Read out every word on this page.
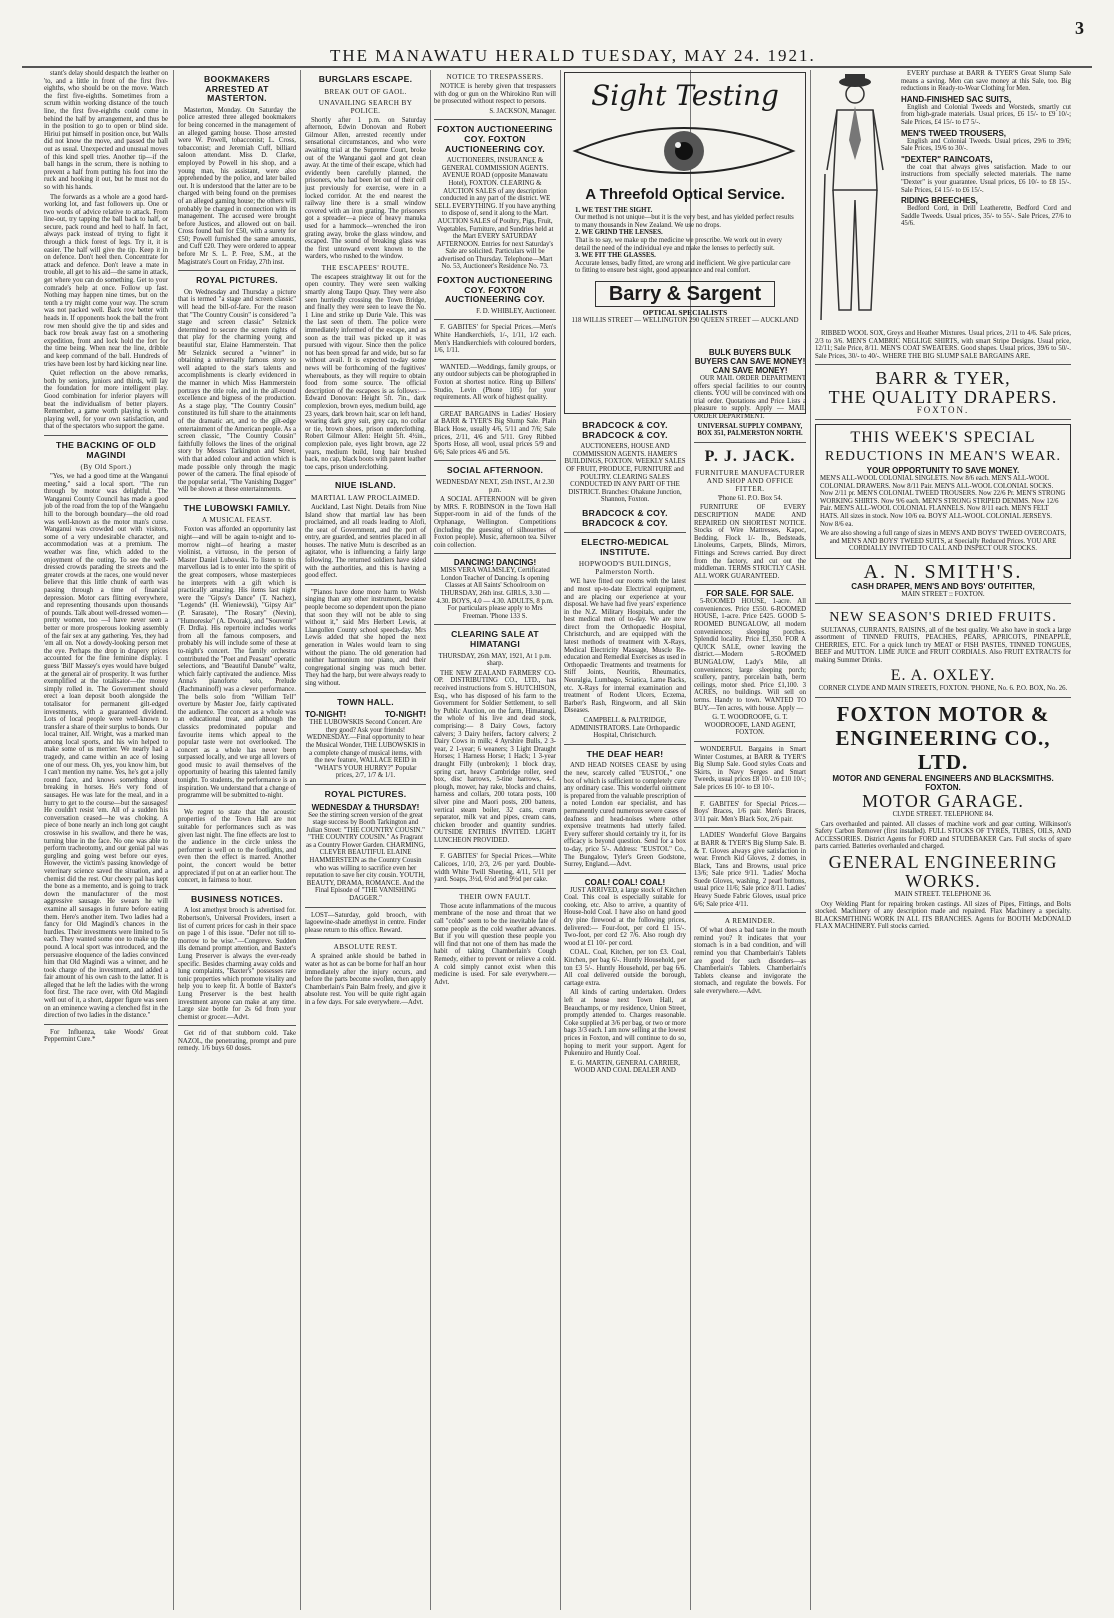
THE MANAWATU HERALD TUESDAY, MAY 24. 1921.
3

stant's delay should despatch the leather on 'to, and a little in front of the first five-eighths, who should be on the move. Watch the first five-eighths. Sometimes from a scrum within working distance of the touch line, the first five-eighths could come in behind the half by arrangement, and thus be in the position to go to open or blind side. Hiriui put himself in position once, but Walls did not know the move, and passed the ball out as usual. Unexpected and unusual moves of this kind spell tries. Another tip—if the ball hangs in the scrum, there is nothing to prevent a half from putting his foot into the ruck and hooking it out, but he must not do so with his hands.

The forwards as a whole are a good hard-working lot, and fast followers up. One or two words of advice relative to attack. From line-out, try tapping the ball back to half, or secure, pack round and heel to half. In fact, always pack instead of trying to fight it through a thick forest of legs. Try it, it is easier. The half will give the tip. Keep it in on defence. Don't heel then. Concentrate for attack and defence. Don't leave a mate in trouble, all get to his aid—the same in attack, get where you can do something. Get to your comrade's help at once. Follow up fast. Nothing may happen nine times, but on the tenth a try might come your way. The scrum was not packed well. Back row better with heads in. If opponents hook the ball the front row men should give the tip and sides and back row break away fast on a smothering expedition, front and lock hold the fort for the time being. When near the line, dribble and keep command of the ball. Hundreds of tries have been lost by hard kicking near line.

Quiet reflection on the above remarks, both by seniors, juniors and thirds, will lay the foundation for more intelligent play. Good combination for inferior players will beat the individualism of better players. Remember, a game worth playing is worth playing well, for your own satisfaction, and that of the spectators who support the game.

THE BACKING OF OLD MAGINDI
(By Old Sport.)

"Yes, we had a good time at the Wanganui meeting," said a local sport. "The run through by motor was delightful. The Wanganui County Council has made a good job of the road from the top of the Wangaehu hill to the borough boundary—the old road was well-known as the motor man's curse. Wanganui was crowded out with visitors, some of a very undesirable character, and accommodation was at a premium. The weather was fine, which added to the enjoyment of the outing. To see the well-dressed crowds parading the streets and the greater crowds at the races, one would never believe that this little chunk of earth was passing through a time of financial depression. Motor cars flitting everywhere, and representing thousands upon thousands of pounds. Talk about well-dressed women—pretty women, too —I have never seen a better or more prosperous looking assembly of the fair sex at any gathering. Yes, they had 'em all on. Not a dowdy-looking person met the eye. Perhaps the drop in drapery prices accounted for the fine feminine display. I guess 'Bill' Massey's eyes would have bulged at the general air of prosperity. It was further exemplified at the totalisator—the money simply rolled in. The Government should erect a loan deposit booth alongside the totalisator for permanent gilt-edged investments, with a guaranteed dividend. Lots of local people were well-known to transfer a share of their surplus to bonds. Our local trainer, Alf. Wright, was a marked man among local sports, and his win helped to make some of us merrier. We nearly had a tragedy, and came within an ace of losing one of our mess. Oh, yes, you know him, but I can't mention my name. Yes, he's got a jolly round face, and knows something about breaking in horses. He's very fond of sausages. He was late for the meal, and in a hurry to get to the course—but the sausages! He couldn't resist 'em. All of a sudden his conversation ceased—he was choking. A piece of bone nearly an inch long got caught crosswise in his swallow, and there he was, turning blue in the face. No one was able to perform tracheotomy, and our genial pal was gurgling and going west before our eyes. However, the victim's passing knowledge of veterinary science saved the situation, and a chemist did the rest. Our cheery pal has kept the bone as a memento, and is going to track down the manufacturer of the most aggressive sausage. He swears he will examine all sausages in future before eating them. Here's another item. Two ladies had a fancy for Old Magindi's chances in the hurdles. Their investments were limited to 5s each. They wanted some one to make up the pound. A local sport was introduced, and the persuasive eloquence of the ladies convinced him that Old Magindi was a winner, and he took charge of the investment, and added a fair amount of his own cash to the latter. It is alleged that he left the ladies with the wrong foot first. The race over, with Old Magindi well out of it, a short, dapper figure was seen on an eminence waving a clenched fist in the direction of two ladies in the distance."

For Influenza, take Woods' Great Peppermint Cure.*

BOOKMAKERS ARRESTED AT MASTERTON.

Masterton, Monday. On Saturday the police arrested three alleged bookmakers for being concerned in the management of an alleged gaming house. Those arrested were W. Powell, tobacconist; L. Cross, tobacconist; and Jeremiah Cuff, billiard saloon attendant. Miss D. Clarke, employed by Powell in his shop, and a young man, his assistant, were also apprehended by the police, and later bailed out. It is understood that the latter are to be charged with being found on the premises of an alleged gaming house; the others will probably be charged in connection with its management. The accused were brought before Justices, and allowed out on bail. Cross found bail for £50, with a surety for £50; Powell furnished the same amounts, and Cuff £20. They were ordered to appear before Mr S. L. P. Free, S.M., at the Magistrate's Court on Friday, 27th inst.

ROYAL PICTURES.

On Wednesday and Thursday a picture that is termed "a stage and screen classic" will head the bill-of-fare. For the reason that "The Country Cousin" is considered "a stage and screen classic" Selznick determined to secure the screen rights of that play for the charming young and beautiful star, Elaine Hammerstein. That Mr Selznick secured a "winner" in obtaining a universally famous story so well adapted to the star's talents and accomplishments is clearly evidenced in the manner in which Miss Hammerstein portrays the title role, and in the all-round excellence and bigness of the production. As a stage play, "The Country Cousin" constituted its full share to the attainments of the dramatic art, and to the gilt-edge entertainment of the American people. As a screen classic, "The Country Cousin" faithfully follows the lines of the original story by Messrs Tarkington and Street, with that added colour and action which is made possible only through the magic power of the camera. The final episode of the popular serial, "The Vanishing Dagger" will be shown at these entertainments.

THE LUBOWSKI FAMILY.
A MUSICAL FEAST.

Foxton was afforded an opportunity last night—and will be again to-night and to-morrow night—of hearing a master violinist, a virtuoso, in the person of Master Daniel Lubowski. To listen to this marvellous lad is to enter into the spirit of the great composers, whose masterpieces he interprets with a gift which is practically amazing. His items last night were the "Gipsy's Dance" (T. Nachez), "Legends" (H. Wieniewski), "Gipsy Air" (P. Sarasate), "The Rosary" (Nevin), "Humoreske" (A. Dvorak), and "Souvenir" (F. Drdla). His repertoire includes works from all the famous composers, and probably his will include some of these at to-night's concert. The family orchestra contributed the "Poet and Peasant" operatic selections, and "Beautiful Danube" waltz, which fairly captivated the audience. Miss Anna's pianoforte solo, Prelude (Rachmaninoff) was a clever performance. The bells solo from "William Tell" overture by Master Joe, fairly captivated the audience. The concert as a whole was an educational treat, and although the classics predominated popular and favourite items which appeal to the popular taste were not overlooked. The concert as a whole has never been surpassed locally, and we urge all lovers of good music to avail themselves of the opportunity of hearing this talented family tonight. To students, the performance is an inspiration. We understand that a change of programme will be submitted to-night.

We regret to state that the acoustic properties of the Town Hall are not suitable for performances such as was given last night. The fine effects are lost to the audience in the circle unless the performer is well on to the footlights, and even then the effect is marred. Another point, the concert would be better appreciated if put on at an earlier hour. The concert, in fairness to hour.

BUSINESS NOTICES.

A lost amethyst brooch is advertised for. Robertson's, Universal Providers, insert a list of current prices for cash in their space on page 1 of this issue. "Defer not till to-morrow to be wise."—Congreve. Sudden ills demand prompt attention, and Baxter's Lung Preserver is always the ever-ready specific. Besides charming away colds and lung complaints, "Baxter's" possesses rare tonic properties which promote vitality and help you to keep fit. A bottle of Baxter's Lung Preserver is the best health investment anyone can make at any time. Large size bottle for 2s 6d from your chemist or grocer.—Advt.

Get rid of that stubborn cold. Take NAZOL, the penetrating, prompt and pure remedy. 1/6 buys 60 doses.

BURGLARS ESCAPE.
BREAK OUT OF GAOL.
UNAVAILING SEARCH BY POLICE.

Shortly after 1 p.m. on Saturday afternoon, Edwin Donovan and Robert Gilmour Allen, arrested recently under sensational circumstances, and who were awaiting trial at the Supreme Court, broke out of the Wanganui gaol and got clean away. At the time of their escape, which had evidently been carefully planned, the prisoners, who had been let out of their cell just previously for exercise, were in a locked corridor. At the end nearest the railway line there is a small window covered with an iron grating. The prisoners got a spreader—a piece of heavy manuka used for a hammock—wrenched the iron grating away, broke the glass window, and escaped. The sound of breaking glass was the first untoward event known to the warders, who rushed to the window.

THE ESCAPEES' ROUTE.

The escapees straightway lit out for the open country. They were seen walking smartly along Taupo Quay. They were also seen hurriedly crossing the Town Bridge, and finally they were seen to leave the No. 1 Line and strike up Durie Vale. This was the last seen of them. The police were immediately informed of the escape, and as soon as the trail was picked up it was pursued with vigour. Since then the police not has been spread far and wide, but so far without avail. It is expected to-day some news will be forthcoming of the fugitives' whereabouts, as they will require to obtain food from some source. The official description of the escapees is as follows:— Edward Donovan: Height 5ft. 7in., dark complexion, brown eyes, medium build, age 23 years, dark brown hair, scar on left hand, wearing dark grey suit, grey cap, no collar or tie, brown shoes, prison underclothing. Robert Gilmour Allen: Height 5ft. 4½in., complexion pale, eyes light brown, age 22 years, medium build, long hair brushed back, no cap, black boots with patent leather toe caps, prison underclothing.

NIUE ISLAND.
MARTIAL LAW PROCLAIMED.

Auckland, Last Night. Details from Niue Island show that martial law has been proclaimed, and all roads leading to Alofi, the seat of Government, and the port of entry, are guarded, and sentries placed in all houses. The native Mutu is described as an agitator, who is influencing a fairly large following. The returned soldiers have sided with the authorities, and this is having a good effect.

"Pianos have done more harm to Welsh singing than any other instrument, because people become so dependent upon the piano that soon they will not be able to sing without it," said Mrs Herbert Lewis, at Llangollen County school speech-day. Mrs Lewis added that she hoped the next generation in Wales would learn to sing without the piano. The old generation had neither harmonium nor piano, and their congregational singing was much better. They had the harp, but were always ready to sing without.

TOWN HALL.
TO-NIGHT!	TO-NIGHT!

THE LUBOWSKIS Second Concert. Are they good? Ask your friends! WEDNESDAY.—Final opportunity to hear the Musical Wonder, THE LUBOWSKIS in a complete change of musical items, with the new feature, WALLACE REID in "WHAT'S YOUR HURRY?" Popular prices, 2/7, 1/7 & 1/1.

ROYAL PICTURES.
WEDNESDAY & THURSDAY!

See the stirring screen version of the great stage success by Booth Tarkington and Julian Street: "THE COUNTRY COUSIN." "THE COUNTRY COUSIN." As Fragrant as a Country Flower Garden. CHARMING, CLEVER BEAUTIFUL ELAINE HAMMERSTEIN as the Country Cousin who was willing to sacrifice even her reputation to save her city cousin. YOUTH, BEAUTY, DRAMA, ROMANCE. And the Final Episode of "THE VANISHING DAGGER."

LOST—Saturday, gold brooch, with lagoewine-shade amethyst in centre. Finder please return to this office. Reward.

ABSOLUTE REST.

A sprained ankle should be bathed in water as hot as can be borne for half an hour immediately after the injury occurs, and before the parts become swollen, then apply Chamberlain's Pain Balm freely, and give it absolute rest. You will be quite right again in a few days. For sale everywhere.—Advt.

NOTICE TO TRESPASSERS.

NOTICE is hereby given that trespassers with dog or gun on the Whirokino Run will be prosecuted without respect to persons.

S. JACKSON, Manager.

FOXTON AUCTIONEERING COY. FOXTON AUCTIONEERING COY.

AUCTIONEERS, INSURANCE & GENERAL COMMISSION AGENTS. AVENUE ROAD (opposite Manawatu Hotel), FOXTON. CLEARING & AUCTION SALES of any description conducted in any part of the district. WE SELL EVERYTHING. If you have anything to dispose of, send it along to the Mart. AUCTION SALES of Poultry, Pigs, Fruit, Vegetables, Furniture, and Sundries held at the Mart EVERY SATURDAY AFTERNOON. Entries for next Saturday's Sale are solicited. Particulars will be advertised on Thursday. Telephone—Mart No. 53, Auctioneer's Residence No. 73.

FOXTON AUCTIONEERING COY. FOXTON AUCTIONEERING COY.

F. D. WHIBLEY, Auctioneer.

F. GABITES' for Special Prices.—Men's White Handkerchiefs, 1/-, 1/11, 1/2 each. Men's Handkerchiefs with coloured borders, 1/6, 1/11.

WANTED.—Weddings, family groups, or any outdoor subjects can be photographed in Foxton at shortest notice. Ring up Billens' Studio, Levin (Phone 105) for your requirements. All work of highest quality.

GREAT BARGAINS in Ladies' Hosiery at BARR & TYER'S Big Slump Sale. Plain Black Hose, usually 4/6, 5/11 and 7/6; Sale prices, 2/11, 4/6 and 5/11. Grey Ribbed Sports Hose, all wool, usual prices 5/9 and 6/6; Sale prices 4/6 and 5/6.

SOCIAL AFTERNOON.

WEDNESDAY NEXT, 25th INST., At 2.30 p.m.

A SOCIAL AFTERNOON will be given by MRS. F. ROBINSON in the Town Hall Supper-room in aid of the funds of the Orphanage, Wellington. Competitions (including the guessing of silhouettes of Foxton people). Music, afternoon tea. Silver coin collection.

DANCING! DANCING!

MISS VERA WALMSLEY, Certificated London Teacher of Dancing. Is opening Classes at All Saints' Schoolroom on THURSDAY, 26th inst. GIRLS, 3.30 — 4.30. BOYS, 4.0 — 4.30. ADULTS, 8 p.m. For particulars please apply to Mrs Freeman. 'Phone 133 S.

CLEARING SALE AT HIMATANGI

THURSDAY, 26th MAY, 1921, At 1 p.m. sharp.

THE NEW ZEALAND FARMERS' CO-OP. DISTRIBUTING CO., LTD., has received instructions from S. HUTCHISON, Esq., who has disposed of his farm to the Government for Soldier Settlement, to sell by Public Auction, on the farm, Himatangi, the whole of his live and dead stock, comprising:— 8 Dairy Cows, factory calvers; 3 Dairy heifers, factory calvers; 2 Dairy Cows in milk; 4 Ayrshire Bulls, 2 3-year, 2 1-year; 6 weaners; 3 Light Draught Horses; 1 Harness Horse; 1 Hack; 1 3-year draught Filly (unbroken); 1 block dray, spring cart, heavy Cambridge roller, seed box, disc harrows, 5-tine harrows, 4-f. plough, mower, hay rake, blocks and chains, harness and collars, 200 totara posts, 100 silver pine and Maori posts, 200 battens, vertical steam boiler, 32 cans, cream separator, milk vat and pipes, cream cans, chicken brooder and quantity sundries. OUTSIDE ENTRIES INVITED. LIGHT LUNCHEON PROVIDED.

F. GABITES' for Special Prices.—White Calicoes, 1/10, 2/3, 2/6 per yard. Double-width White Twill Sheeting, 4/11, 5/11 per yard. Soaps, 3½d, 6½d and 9½d per cake.

THEIR OWN FAULT.

Those acute inflammations of the mucous membrane of the nose and throat that we call "colds" seem to be the inevitable fate of some people as the cold weather advances. But if you will question these people you will find that not one of them has made the habit of taking Chamberlain's Cough Remedy, either to prevent or relieve a cold. A cold simply cannot exist when this medicine is used. For sale everywhere.—Advt.

Sight Testing
A Threefold Optical Service.
1. WE TEST THE SIGHT.
Our method is not unique—but it is the very best, and has yielded perfect results to many thousands in New Zealand. We use no drops.
2. WE GRIND THE LENSES.
That is to say, we make up the medicine we prescribe. We work out in every detail the need of the individual eye and make the lenses to perfectly suit.
3. WE FIT THE GLASSES.
Accurate lenses, badly fitted, are wrong and inefficient. We give particular care to fitting to ensure best sight, good appearance and real comfort.
Barry & Sargent
OPTICAL SPECIALISTS
118 WILLIS STREET — WELLINGTON 290 QUEEN STREET — AUCKLAND
BRADCOCK & COY. BRADCOCK & COY.

AUCTIONEERS, HOUSE AND COMMISSION AGENTS. HAMER'S BUILDINGS, FOXTON. WEEKLY SALES OF FRUIT, PRODUCE, FURNITURE and POULTRY. CLEARING SALES CONDUCTED IN ANY PART OF THE DISTRICT. Branches: Ohakune Junction, Shannon, Foxton.

BRADCOCK & COY. BRADCOCK & COY.
ELECTRO-MEDICAL INSTITUTE.
HOPWOOD'S BUILDINGS, Palmerston North.

WE have fitted our rooms with the latest and most up-to-date Electrical equipment, and are placing our experience at your disposal. We have had five years' experience in the N.Z. Military Hospitals, under the best medical men of to-day. We are now direct from the Orthopaedic Hospital, Christchurch, and are equipped with the latest methods of treatment with X-Rays, Medical Electricity Massage, Muscle Re-education and Remedial Exercises as used in Orthopaedic Treatments and treatments for Stiff Joints, Neuritis, Rheumatics, Neuralgia, Lumbago, Sciatica, Lame Backs, etc. X-Rays for internal examination and treatment of Rodent Ulcers, Eczema, Barber's Rash, Ringworm, and all Skin Diseases.

CAMPBELL & PALTRIDGE, ADMINISTRATORS. Late Orthopaedic Hospital, Christchurch.

THE DEAF HEAR!

AND HEAD NOISES CEASE by using the new, scarcely called "EUSTOL," one box of which is sufficient to completely cure any ordinary case. This wonderful ointment is prepared from the valuable prescription of a noted London ear specialist, and has permanently cured numerous severe cases of deafness and head-noises where other expensive treatments had utterly failed. Every sufferer should certainly try it, for its efficacy is beyond question. Send for a box to-day, price 5/-. Address: "EUSTOL" Co., The Bungalow, Tyler's Green Godstone, Surrey, England.—Advt.

COAL! COAL! COAL!

JUST ARRIVED, a large stock of Kitchen Coal. This coal is especially suitable for cooking, etc. Also to arrive, a quantity of House-hold Coal. I have also on hand good dry pine firewood at the following prices, delivered:— Four-foot, per cord £1 15/-. Two-foot, per cord £2 7/6. Also rough dry wood at £1 10/- per cord.

COAL. Coal, Kitchen, per ton £3. Coal, Kitchen, per bag 6/-. Huntly Household, per ton £3 5/-. Huntly Household, per bag 6/6. All coal delivered outside the borough, cartage extra.

All kinds of carting undertaken. Orders left at house next Town Hall, at Beauchamps, or my residence, Union Street, promptly attended to. Charges reasonable. Coke supplied at 3/6 per bag, or two or more bags 3/3 each. I am now selling at the lowest prices in Foxton, and will continue to do so, hoping to merit your support. Agent for Pukenuiro and Huntly Coal.

E. G. MARTIN, GENERAL CARRIER, WOOD AND COAL DEALER AND

BULK BUYERS BULK BUYERS CAN SAVE MONEY! CAN SAVE MONEY!

OUR MAIL ORDER DEPARTMENT offers special facilities to our country clients. YOU will be convinced with one trial order. Quotations and Price Lists a pleasure to supply. Apply — MAIL ORDER DEPARTMENT.

UNIVERSAL SUPPLY COMPANY, BOX 351, PALMERSTON NORTH.

P. J. JACK.
FURNITURE MANUFACTURER AND SHOP AND OFFICE FITTER.

'Phone 61. P.O. Box 54.

FURNITURE OF EVERY DESCRIPTION MADE AND REPAIRED ON SHORTEST NOTICE. Stocks of Wire Mattresses, Kapoc, Bedding, Flock 1/- lb., Bedsteads, Linoleums, Carpets, Blinds, Mirrors, Fittings and Screws carried. Buy direct from the factory, and cut out the middleman. TERMS STRICTLY CASH. ALL WORK GUARANTEED.

FOR SALE. FOR SALE.

5-ROOMED HOUSE, 1-acre. All conveniences. Price £550. 6-ROOMED HOUSE, 1-acre. Price £425. GOOD 5-ROOMED BUNGALOW, all modern conveniences; sleeping porches. Splendid locality. Price £1,350. FOR A QUICK SALE, owner leaving the district.—Modern 5-ROOMED BUNGALOW, Lady's Mile, all conveniences; large sleeping porch; scullery, pantry, porcelain bath, berm ceilings, motor shed. Price £1,100. 3 ACRES, no buildings. Will sell on terms. Handy to town. WANTED TO BUY.—Ten acres, with house. Apply —

G. T. WOODROOFE, G. T. WOODROOFE, LAND AGENT, FOXTON.

WONDERFUL Bargains in Smart Winter Costumes, at BARR & TYER'S Big Slump Sale. Good styles Coats and Skirts, in Navy Serges and Smart Tweeds, usual prices £8 10/- to £10 10/-; Sale prices £6 10/- to £8 10/-.

F. GABITES' for Special Prices.—Boys' Braces, 1/6 pair. Men's Braces, 3/11 pair. Men's Black Sox, 2/6 pair.

LADIES' Wonderful Glove Bargains at BARR & TYER'S Big Slump Sale. B. & T. Gloves always give satisfaction in wear. French Kid Gloves, 2 domes, in Black, Tans and Browns, usual price 13/6; Sale price 9/11. 'Ladies' Mocha Suede Gloves, washing, 2 pearl buttons, usual price 11/6; Sale price 8/11. Ladies' Heavy Suede Fabric Gloves, usual price 6/6; Sale price 4/11.

A REMINDER.

Of what does a bad taste in the mouth remind you? It indicates that your stomach is in a bad condition, and will remind you that Chamberlain's Tablets are good for such disorders—as Chamberlain's Tablets. Chamberlain's Tablets cleanse and invigorate the stomach, and regulate the bowels. For sale everywhere.—Advt.

EVERY purchase at BARR & TYER'S Great Slump Sale means a saving. Men can save money at this Sale, too. Big reductions in Ready-to-Wear Clothing for Men.

HAND-FINISHED SAC SUITS,

English and Colonial Tweeds and Worsteds, smartly cut from high-grade materials. Usual prices, £6 15/- to £9 10/-; Sale Prices, £4 15/- to £7 5/-.

MEN'S TWEED TROUSERS,

English and Colonial Tweeds. Usual prices, 29/6 to 39/6; Sale Prices, 19/6 to 30/-.

"DEXTER" RAINCOATS,

the coat that always gives satisfaction. Made to our instructions from specially selected materials. The name "Dexter" is your guarantee. Usual prices, £6 10/- to £8 15/-. Sale Prices, £4 15/- to £6 15/-.

RIDING BREECHES,

Bedford Cord, in Drill Leatherette, Bedford Cord and Saddle Tweeds. Usual prices, 35/- to 55/-. Sale Prices, 27/6 to 45/6.

RIBBED WOOL SOX, Greys and Heather Mixtures. Usual prices, 2/11 to 4/6. Sale prices, 2/3 to 3/6. MEN'S CAMBRIC NEGLIGE SHIRTS, with smart Stripe Designs. Usual price, 12/11; Sale Price, 8/11. MEN'S COAT SWEATERS. Good shapes. Usual prices, 39/6 to 50/-. Sale Prices, 30/- to 40/-. WHERE THE BIG SLUMP SALE BARGAINS ARE.

BARR & TYER,
THE QUALITY DRAPERS.
FOXTON.
THIS WEEK'S SPECIAL
REDUCTIONS IN MEAN'S WEAR.
YOUR OPPORTUNITY TO SAVE MONEY.

MEN'S ALL-WOOL COLONIAL SINGLETS. Now 8/6 each. MEN'S ALL-WOOL COLONIAL DRAWERS. Now 8/11 Pair. MEN'S ALL-WOOL COLONIAL SOCKS. Now 2/11 pr. MEN'S COLONIAL TWEED TROUSERS. Now 22/6 Pr. MEN'S STRONG WORKING SHIRTS. Now 9/6 each. MEN'S STRONG STRIPED DENIMS. Now 12/6 Pair. MEN'S ALL-WOOL COLONIAL FLANNELS. Now 8/11 each. MEN'S FELT HATS. All sizes in stock. Now 10/6 ea. BOYS' ALL-WOOL COLONIAL JERSEYS. Now 8/6 ea.

We are also showing a full range of sizes in MEN'S AND BOYS' TWEED OVERCOATS, and MEN'S AND BOYS' TWEED SUITS, at Specially Reduced Prices. YOU ARE CORDIALLY INVITED TO CALL AND INSPECT OUR STOCKS.

A. N. SMITH'S.
CASH DRAPER, MEN'S AND BOYS' OUTFITTER,
MAIN STREET :: FOXTON.
NEW SEASON'S DRIED FRUITS.

SULTANAS, CURRANTS, RAISINS, all of the best quality. We also have in stock a large assortment of TINNED FRUITS, PEACHES, PEARS, APRICOTS, PINEAPPLE, CHERRIES, ETC. For a quick lunch try MEAT or FISH PASTES, TINNED TONGUES, BEEF and MUTTON. LIME JUICE and FRUIT CORDIALS. Also FRUIT EXTRACTS for making Summer Drinks.

E. A. OXLEY.

CORNER CLYDE AND MAIN STREETS, FOXTON. 'PHONE, No. 6. P.O. BOX, No. 26.

FOXTON MOTOR & ENGINEERING CO., LTD.
MOTOR AND GENERAL ENGINEERS AND BLACKSMITHS. FOXTON.
MOTOR GARAGE.

CLYDE STREET. TELEPHONE 84.

Cars overhauled and painted. All classes of machine work and gear cutting. Wilkinson's Safety Carbon Remover (first installed). FULL STOCKS OF TYRES, TUBES, OILS, AND ACCESSORIES. District Agents for FORD and STUDEBAKER Cars. Full stocks of spare parts carried. Batteries overhauled and charged.

GENERAL ENGINEERING WORKS.

MAIN STREET. TELEPHONE 36.

Oxy Welding Plant for repairing broken castings. All sizes of Pipes, Fittings, and Bolts stocked. Machinery of any description made and repaired. Flax Machinery a specialty. BLACKSMITHING WORK IN ALL ITS BRANCHES. Agents for BOOTH McDONALD FLAX MACHINERY. Full stocks carried.
